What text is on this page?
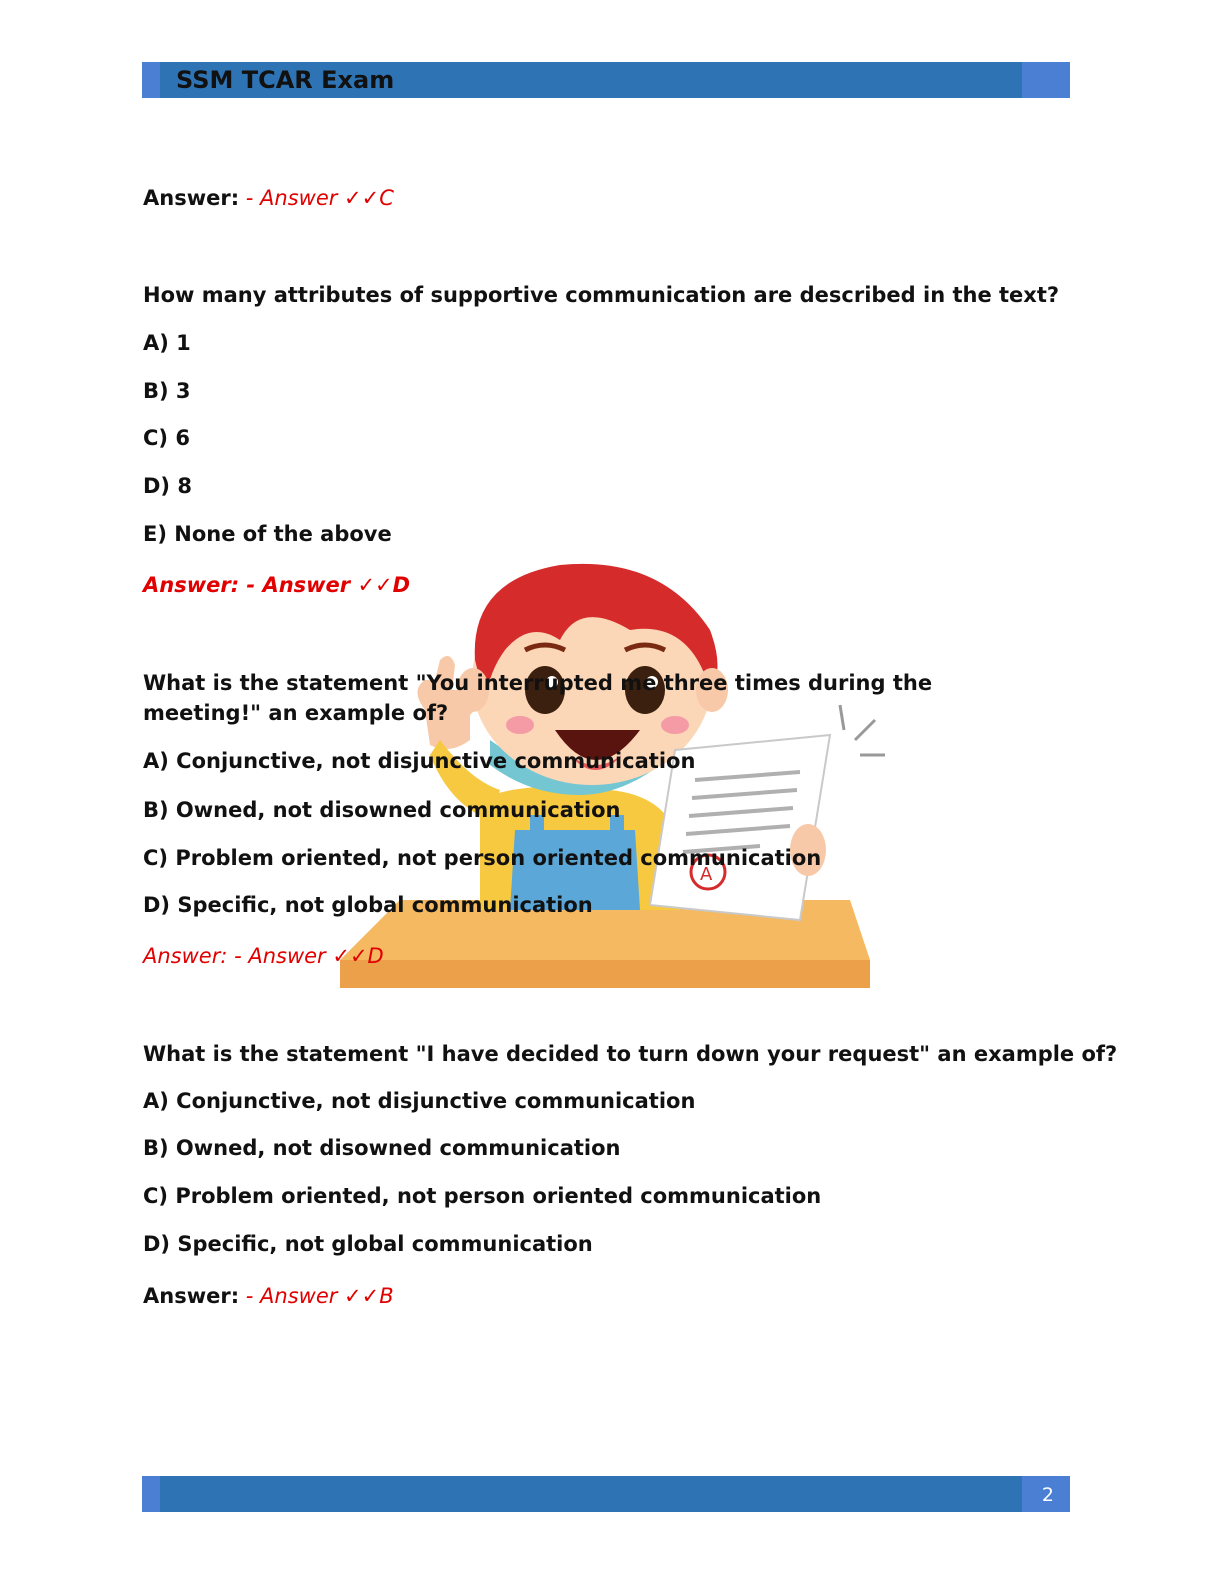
SSM TCAR Exam
A

Answer: - Answer ✓✓C

How many attributes of supportive communication are described in the text?

A) 1

B) 3

C) 6

D) 8

E) None of the above

Answer: - Answer ✓✓D

What is the statement "You interrupted me three times during the meeting!" an example of?

A) Conjunctive, not disjunctive communication

B) Owned, not disowned communication

C) Problem oriented, not person oriented communication

D) Specific, not global communication

Answer: - Answer ✓✓D

What is the statement "I have decided to turn down your request" an example of?

A) Conjunctive, not disjunctive communication

B) Owned, not disowned communication

C) Problem oriented, not person oriented communication

D) Specific, not global communication

Answer: - Answer ✓✓B

2
